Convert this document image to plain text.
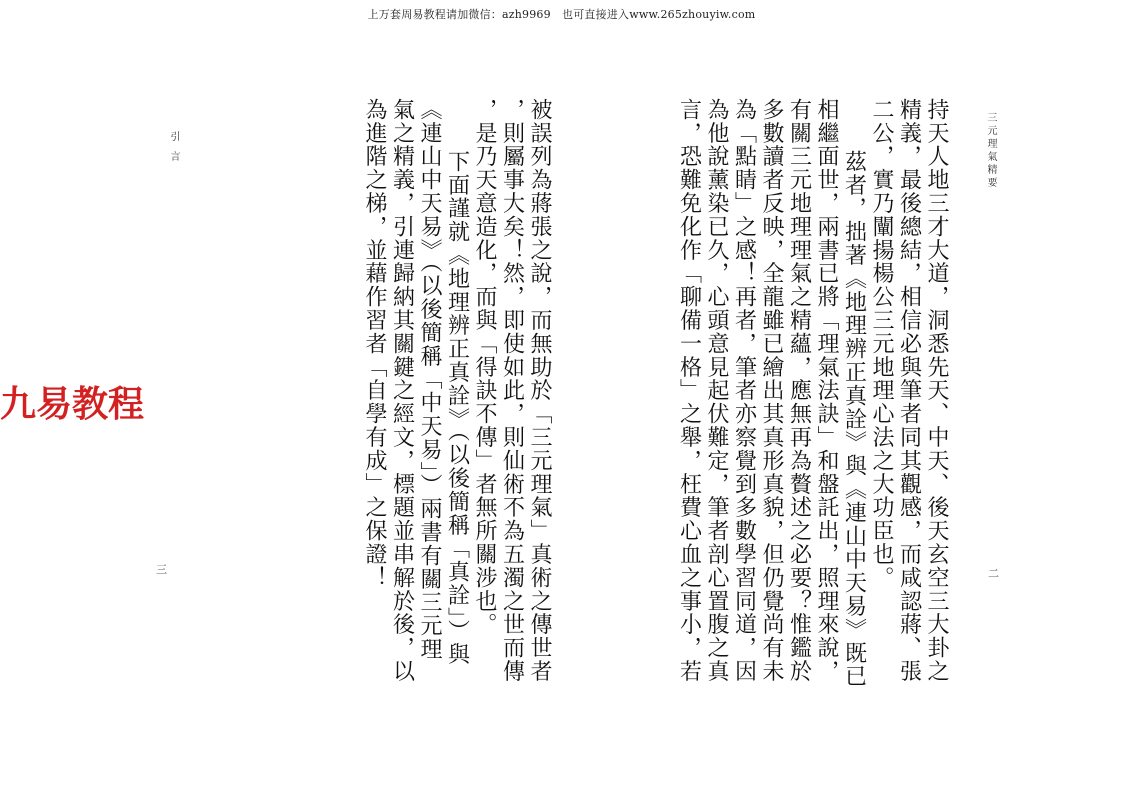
上万套周易教程请加微信：azh9969　也可直接进入www.265zhouyiw.com
三元理氣精要
二
持天人地三才大道，洞悉先天、中天、後天玄空三大卦之
精義，最後總結，相信必與筆者同其觀感，而咸認蔣、張
二公，實乃闡揚楊公三元地理心法之大功臣也。
茲者，拙著《地理辨正真詮》與《連山中天易》既已
相繼面世，兩書已將「理氣法訣」和盤託出，照理來說，
有關三元地理理氣之精蘊，應無再為贅述之必要？惟鑑於
多數讀者反映，全龍雖已繪出其真形真貌，但仍覺尚有未
為「點睛」之感！再者，筆者亦察覺到多數學習同道，因
為他說薰染已久，心頭意見起伏難定，筆者剖心置腹之真
言，恐難免化作「聊備一格」之舉，枉費心血之事小，若
被誤列為蔣張之說，而無助於「三元理氣」真術之傳世者
，則屬事大矣！然，即使如此，則仙術不為五濁之世而傳
，是乃天意造化，而與「得訣不傳」者無所關涉也。
下面謹就《地理辨正真詮》（以後簡稱「真詮」）與
《連山中天易》（以後簡稱「中天易」）兩書有關三元理
氣之精義，引連歸納其關鍵之經文，標題並串解於後，以
為進階之梯，並藉作習者「自學有成」之保證！
引言
三
九易教程
